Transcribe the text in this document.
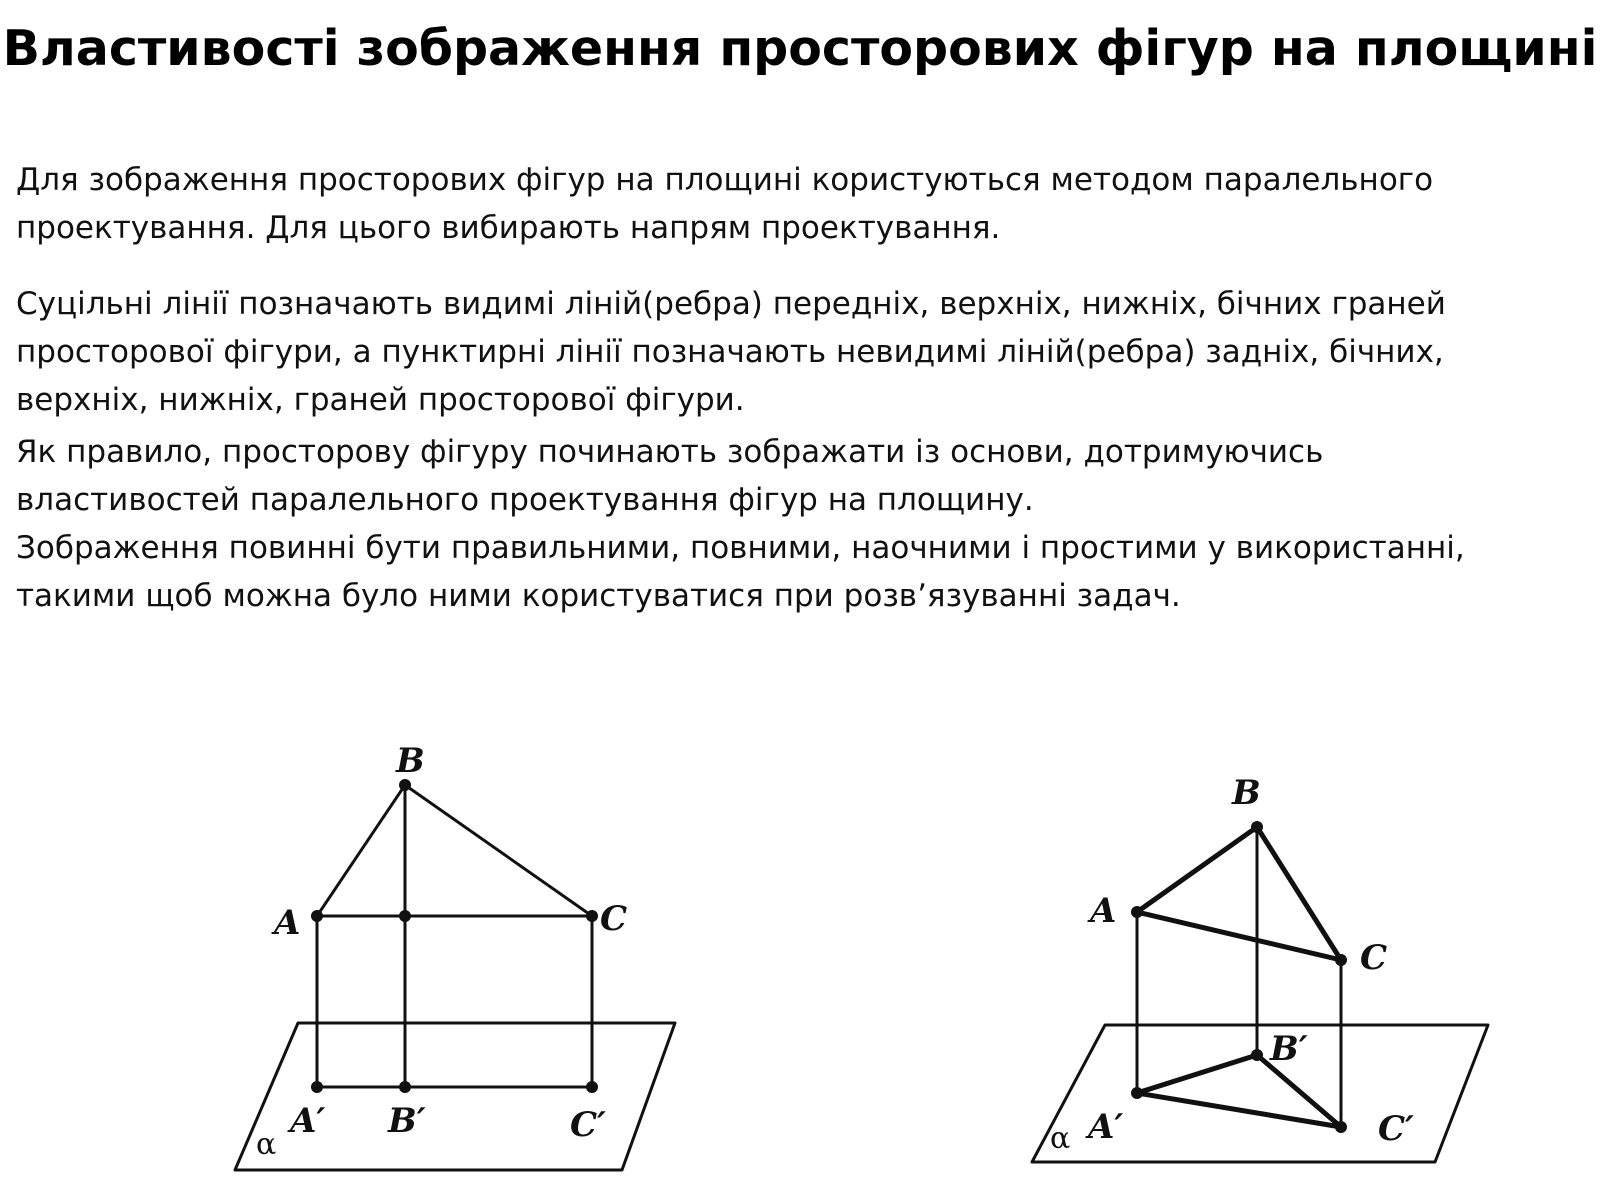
Властивості зображення просторових фігур на площині
Для зображення просторових фігур на площині користуються методом паралельного
проектування. Для цього вибирають напрям проектування.
Суцільні лінії позначають видимі ліній(ребра) передніх, верхніх, нижніх, бічних граней
просторової фігури, а пунктирні лінії позначають невидимі ліній(ребра) задніх, бічних,
верхніх, нижніх, граней просторової фігури.
Як правило, просторову фігуру починають зображати із основи, дотримуючись
властивостей паралельного проектування фігур на площину.
Зображення повинні бути правильними, повними, наочними і простими у використанні,
такими щоб можна було ними користуватися при розв’язуванні задач.
B
A	C
A′ B′	C′
α
B
A
C
B′
A′	C′
α
